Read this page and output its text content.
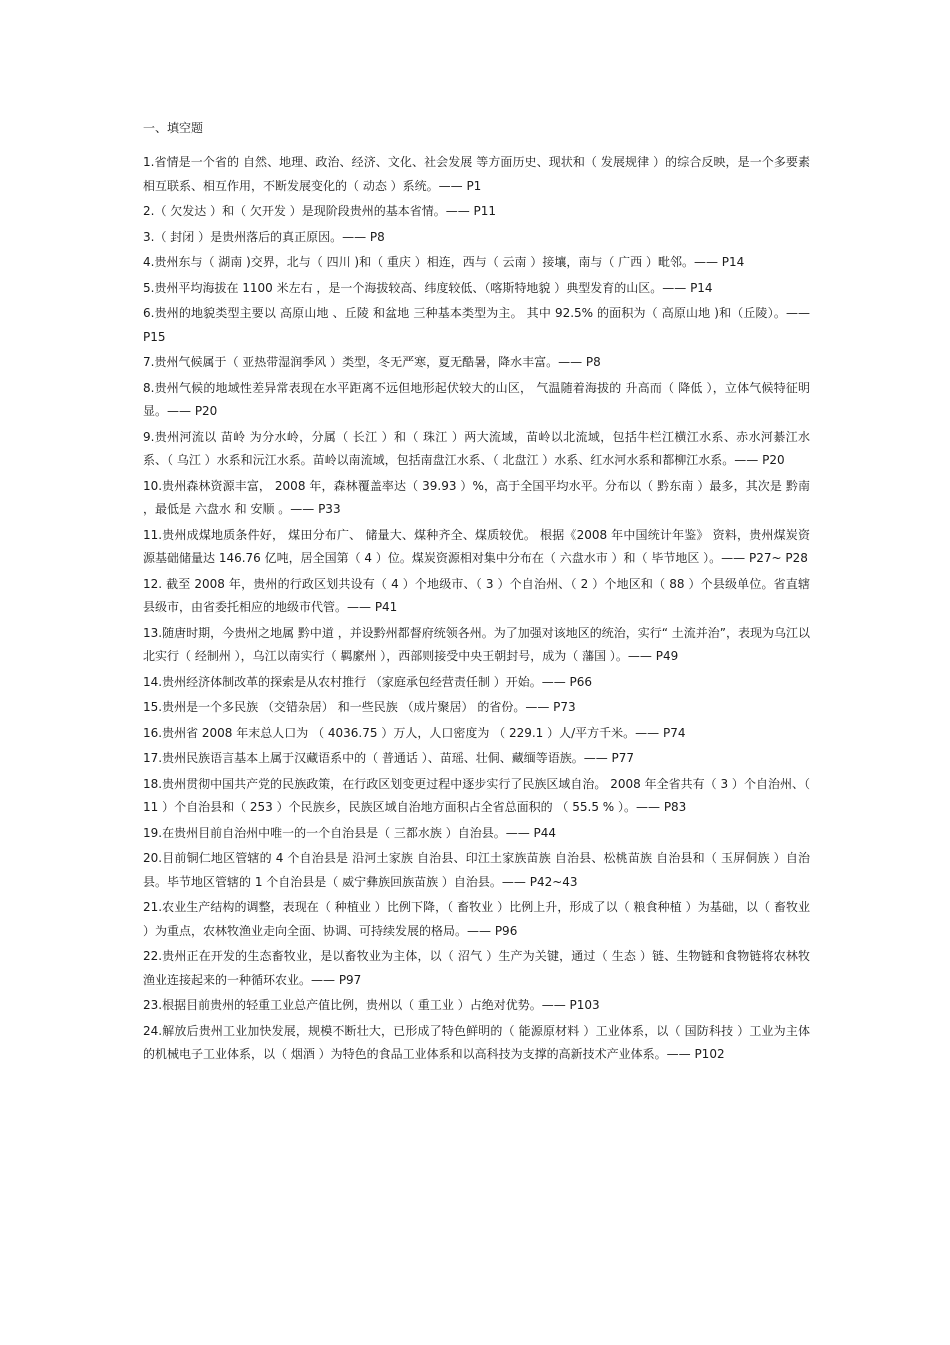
一、填空题

1.省情是一个省的 自然、地理、政治、经济、文化、社会发展 等方面历史、现状和（ 发展规律 ）的综合反映，是一个多要素相互联系、相互作用，不断发展变化的（ 动态 ）系统。—— P1

2.（ 欠发达 ）和（ 欠开发 ）是现阶段贵州的基本省情。—— P11

3.（ 封闭 ）是贵州落后的真正原因。—— P8

4.贵州东与（ 湖南 )交界，北与（ 四川 )和（ 重庆 ）相连，西与（ 云南 ）接壤，南与（ 广西 ）毗邻。—— P14

5.贵州平均海拔在 1100 米左右 ，是一个海拔较高、纬度较低、（喀斯特地貌 ）典型发育的山区。—— P14

6.贵州的地貌类型主要以 高原山地 、丘陵 和盆地 三种基本类型为主。 其中 92.5% 的面积为（ 高原山地 )和（丘陵）。—— P15

7.贵州气候属于（ 亚热带湿润季风 ）类型，冬无严寒，夏无酷暑，降水丰富。—— P8

8.贵州气候的地域性差异常表现在水平距离不远但地形起伏较大的山区， 气温随着海拔的 升高而（ 降低 ），立体气候特征明显。—— P20

9.贵州河流以 苗岭 为分水岭，分属（ 长江 ）和（ 珠江 ）两大流域，苗岭以北流域，包括牛栏江横江水系、赤水河綦江水系、（ 乌江 ）水系和沅江水系。苗岭以南流域，包括南盘江水系、（ 北盘江 ）水系、红水河水系和都柳江水系。—— P20

10.贵州森林资源丰富， 2008 年，森林覆盖率达（ 39.93 ）%，高于全国平均水平。分布以（ 黔东南 ）最多，其次是 黔南 ，最低是 六盘水 和 安顺 。—— P33

11.贵州成煤地质条件好， 煤田分布广、 储量大、煤种齐全、煤质较优。 根据《2008 年中国统计年鉴》 资料，贵州煤炭资源基础储量达 146.76 亿吨，居全国第（ 4 ）位。煤炭资源相对集中分布在（ 六盘水市 ）和（ 毕节地区 ）。—— P27~ P28

12. 截至 2008 年，贵州的行政区划共设有（ 4 ）个地级市、（ 3 ）个自治州、（ 2 ）个地区和（ 88 ）个县级单位。省直辖县级市，由省委托相应的地级市代管。—— P41

13.随唐时期，今贵州之地属 黔中道 ，并设黔州都督府统领各州。为了加强对该地区的统治，实行“ 土流并治”，表现为乌江以北实行（ 经制州 ），乌江以南实行（ 羁縻州 ），西部则接受中央王朝封号，成为（ 藩国 ）。—— P49

14.贵州经济体制改革的探索是从农村推行 （家庭承包经营责任制 ）开始。—— P66

15.贵州是一个多民族 （交错杂居） 和一些民族 （成片聚居） 的省份。—— P73

16.贵州省 2008 年末总人口为 （ 4036.75 ）万人，人口密度为 （ 229.1 ）人/平方千米。—— P74

17.贵州民族语言基本上属于汉藏语系中的（ 普通话 ）、苗瑶、壮侗、藏缅等语族。—— P77

18.贵州贯彻中国共产党的民族政策，在行政区划变更过程中逐步实行了民族区域自治。 2008 年全省共有（ 3 ）个自治州、（ 11 ）个自治县和（ 253 ）个民族乡，民族区域自治地方面积占全省总面积的 （ 55.5 % ）。—— P83

19.在贵州目前自治州中唯一的一个自治县是（ 三都水族 ）自治县。—— P44

20.目前铜仁地区管辖的 4 个自治县是 沿河土家族 自治县、印江土家族苗族 自治县、松桃苗族 自治县和（ 玉屏侗族 ）自治县。毕节地区管辖的 1 个自治县是（ 威宁彝族回族苗族 ）自治县。—— P42~43

21.农业生产结构的调整，表现在（ 种植业 ）比例下降，（ 畜牧业 ）比例上升，形成了以（ 粮食种植 ）为基础，以（ 畜牧业 ）为重点，农林牧渔业走向全面、协调、可持续发展的格局。—— P96

22.贵州正在开发的生态畜牧业，是以畜牧业为主体，以（ 沼气 ）生产为关键，通过（ 生态 ）链、生物链和食物链将农林牧渔业连接起来的一种循环农业。—— P97

23.根据目前贵州的轻重工业总产值比例，贵州以（ 重工业 ）占绝对优势。—— P103

24.解放后贵州工业加快发展，规模不断壮大，已形成了特色鲜明的（ 能源原材料 ）工业体系，以（ 国防科技 ）工业为主体的机械电子工业体系，以（ 烟酒 ）为特色的食品工业体系和以高科技为支撑的高新技术产业体系。—— P102
